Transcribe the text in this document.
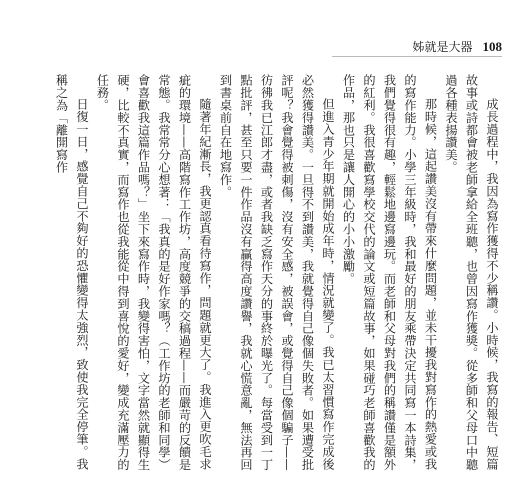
姊就是大器 108

成長過程中，我因為寫作獲得不少稱讚。小時候，我寫的報告、短篇故事或詩都會被老師拿給全班聽，也曾因寫作獲獎。從多師和父母口中聽過各種表揚讚美。

那時候，這起讚美沒有帶來什麼問題，並未干擾我對寫作的熱愛或我的寫作能力。小學三年級時，我和最好的朋友乘帶決定共同寫一本詩集，我們覺得很有趣，輕鬆地邊寫邊玩。而老師和父母對我們的稱讚僅是額外的紅利。我很喜歡寫學校交代的論文或短篇故事，如果碰巧老師喜歡我的作品，那也只是讓人開心的小小激勵。

但進入青少年期就開始成年時，情況就變了。我已太習慣寫作完成後必然獲得讚美。一旦得不到讚美，我就覺得自己像個失敗者。如果遭受批評呢？我會覺得被刺傷，沒有安全感，被誤會，或覺得自己像個騙子——彷彿我已江郎才盡，或者我缺乏寫作天分的事終於曝光了。每當受到一丁點批評，甚至只要一件作品沒有贏得高度讚譽，我就心慌意亂，無法再回到書桌前自在地寫作。

隨著年紀漸長，我更認真看待寫作，問題就更大了。我進入更吹毛求疵的環境——高階寫作工作坊，高度競爭的交稿過程——而嚴苛的反饋是常態。我常常分心想著：「我真的是好作家嗎？（工作坊的老師和同學）會喜歡我這篇作品嗎？」坐下來寫作時，我變得害怕，文字當然就顯得生硬，比較不真實，而寫作也從我能從中得到喜悅的愛好，變成充滿壓力的任務。

日復一日，感覺自己不夠好的恐懼變得太強烈，致使我完全停筆。我稱之為「離開寫作
